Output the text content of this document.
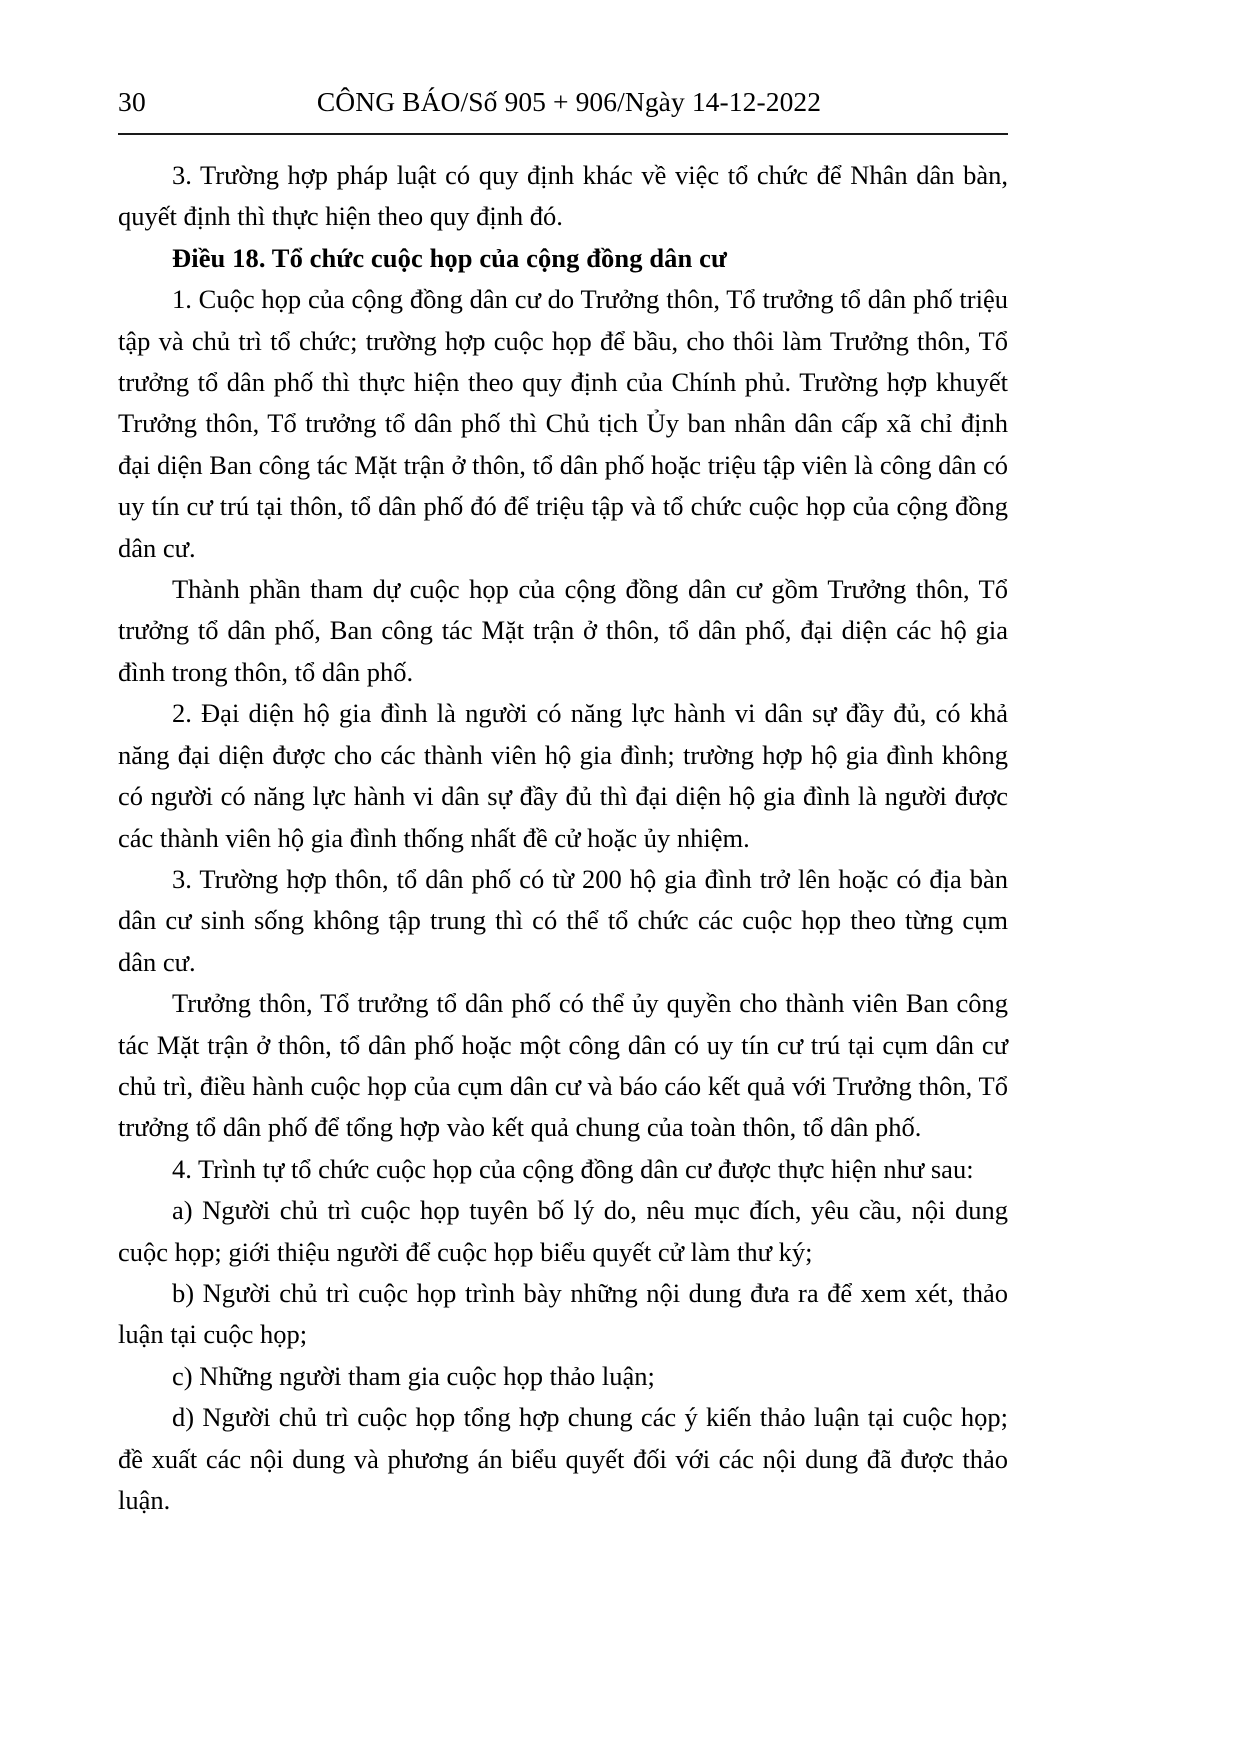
30	CÔNG BÁO/Số 905 + 906/Ngày 14-12-2022

3. Trường hợp pháp luật có quy định khác về việc tổ chức để Nhân dân bàn, quyết định thì thực hiện theo quy định đó.

Điều 18. Tổ chức cuộc họp của cộng đồng dân cư

1. Cuộc họp của cộng đồng dân cư do Trưởng thôn, Tổ trưởng tổ dân phố triệu tập và chủ trì tổ chức; trường hợp cuộc họp để bầu, cho thôi làm Trưởng thôn, Tổ trưởng tổ dân phố thì thực hiện theo quy định của Chính phủ. Trường hợp khuyết Trưởng thôn, Tổ trưởng tổ dân phố thì Chủ tịch Ủy ban nhân dân cấp xã chỉ định đại diện Ban công tác Mặt trận ở thôn, tổ dân phố hoặc triệu tập viên là công dân có uy tín cư trú tại thôn, tổ dân phố đó để triệu tập và tổ chức cuộc họp của cộng đồng dân cư.

Thành phần tham dự cuộc họp của cộng đồng dân cư gồm Trưởng thôn, Tổ trưởng tổ dân phố, Ban công tác Mặt trận ở thôn, tổ dân phố, đại diện các hộ gia đình trong thôn, tổ dân phố.

2. Đại diện hộ gia đình là người có năng lực hành vi dân sự đầy đủ, có khả năng đại diện được cho các thành viên hộ gia đình; trường hợp hộ gia đình không có người có năng lực hành vi dân sự đầy đủ thì đại diện hộ gia đình là người được các thành viên hộ gia đình thống nhất đề cử hoặc ủy nhiệm.

3. Trường hợp thôn, tổ dân phố có từ 200 hộ gia đình trở lên hoặc có địa bàn dân cư sinh sống không tập trung thì có thể tổ chức các cuộc họp theo từng cụm dân cư.

Trưởng thôn, Tổ trưởng tổ dân phố có thể ủy quyền cho thành viên Ban công tác Mặt trận ở thôn, tổ dân phố hoặc một công dân có uy tín cư trú tại cụm dân cư chủ trì, điều hành cuộc họp của cụm dân cư và báo cáo kết quả với Trưởng thôn, Tổ trưởng tổ dân phố để tổng hợp vào kết quả chung của toàn thôn, tổ dân phố.

4. Trình tự tổ chức cuộc họp của cộng đồng dân cư được thực hiện như sau:

a) Người chủ trì cuộc họp tuyên bố lý do, nêu mục đích, yêu cầu, nội dung cuộc họp; giới thiệu người để cuộc họp biểu quyết cử làm thư ký;

b) Người chủ trì cuộc họp trình bày những nội dung đưa ra để xem xét, thảo luận tại cuộc họp;

c) Những người tham gia cuộc họp thảo luận;

d) Người chủ trì cuộc họp tổng hợp chung các ý kiến thảo luận tại cuộc họp; đề xuất các nội dung và phương án biểu quyết đối với các nội dung đã được thảo luận.
